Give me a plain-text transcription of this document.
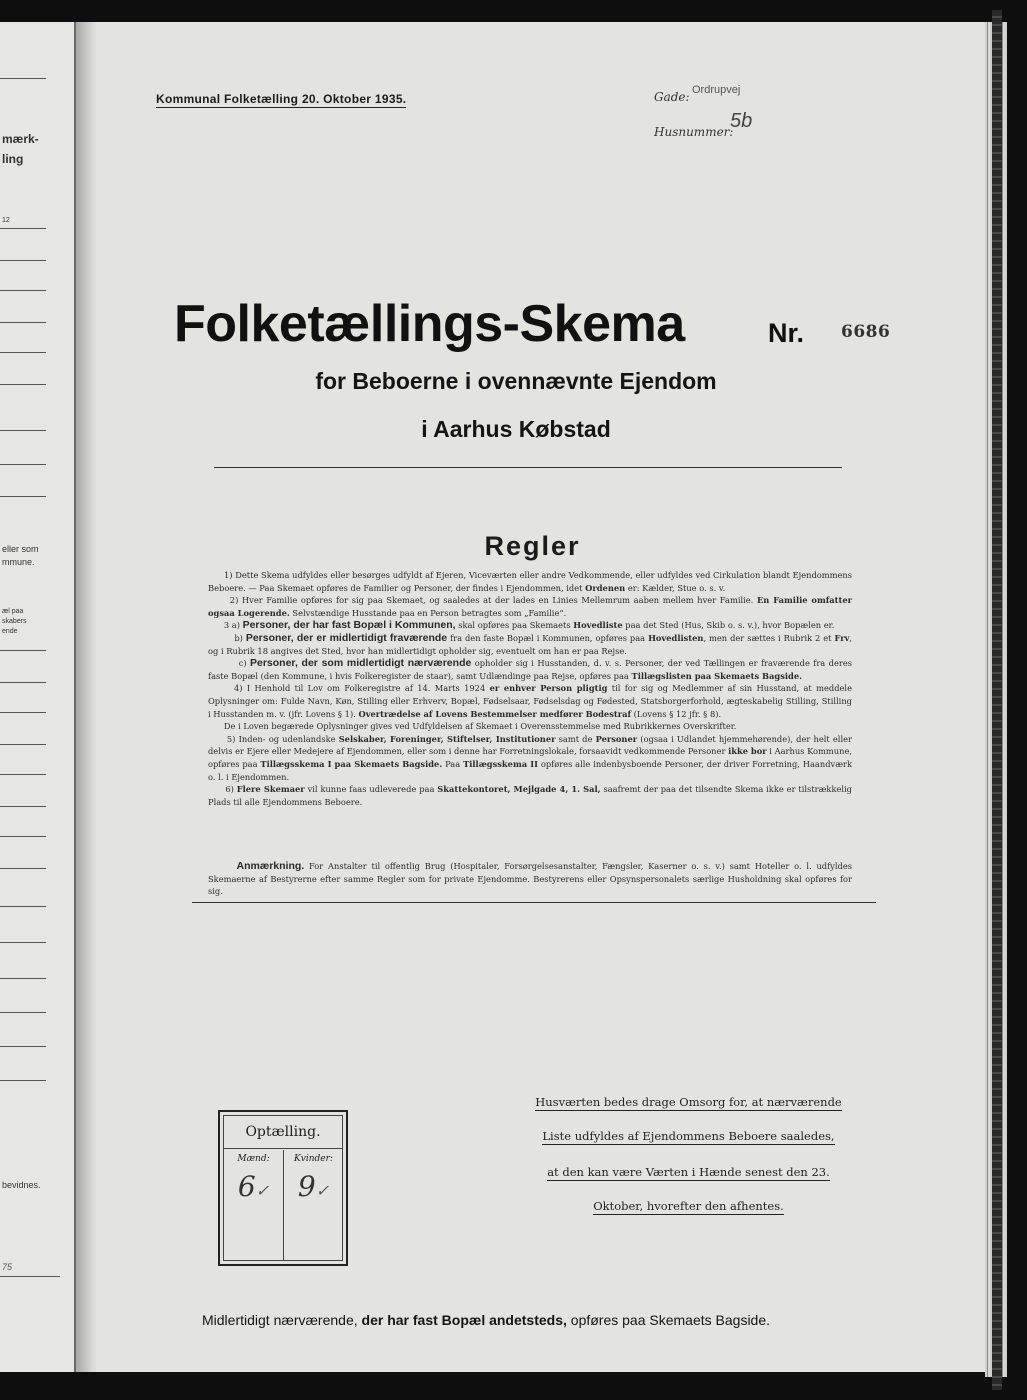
mærk-
ling
12
eller som
mmune.
æl paa
skabers
ende
bevidnes.
75
Kommunal Folketælling 20. Oktober 1935.	Gade: Ordrupvej
Husnummer:
5b
Folketællings-Skema	Nr. 6686
for Beboerne i ovennævnte Ejendom
i Aarhus Købstad
Regler

1) Dette Skema udfyldes eller besørges udfyldt af Ejeren, Viceværten eller andre Vedkommende, eller udfyldes ved Cirkulation blandt Ejendommens Beboere. — Paa Skemaet opføres de Familier og Personer, der findes i Ejendommen, idet Ordenen er: Kælder, Stue o. s. v.

2) Hver Familie opføres for sig paa Skemaet, og saaledes at der lades en Linies Mellemrum aaben mellem hver Familie. En Familie omfatter ogsaa Logerende. Selvstændige Husstande paa en Person betragtes som „Familie“.

3 a) Personer, der har fast Bopæl i Kommunen, skal opføres paa Skemaets Hovedliste paa det Sted (Hus, Skib o. s. v.), hvor Bopælen er.

b) Personer, der er midlertidigt fraværende fra den faste Bopæl i Kommunen, opføres paa Hovedlisten, men der sættes i Rubrik 2 et Frv, og i Rubrik 18 angives det Sted, hvor han midlertidigt opholder sig, eventuelt om han er paa Rejse.

c) Personer, der som midlertidigt nærværende opholder sig i Husstanden, d. v. s. Personer, der ved Tællingen er fraværende fra deres faste Bopæl (den Kommune, i hvis Folkeregister de staar), samt Udlændinge paa Rejse, opføres paa Tillægslisten paa Skemaets Bagside.

4) I Henhold til Lov om Folkeregistre af 14. Marts 1924 er enhver Person pligtig til for sig og Medlemmer af sin Husstand, at meddele Oplysninger om: Fulde Navn, Køn, Stilling eller Erhverv, Bopæl, Fødselsaar, Fødselsdag og Fødested, Statsborgerforhold, ægteskabelig Stilling, Stilling i Husstanden m. v. (jfr. Lovens § 1). Overtrædelse af Lovens Bestemmelser medfører Bodestraf (Lovens § 12 jfr. § 8).

De i Loven begærede Oplysninger gives ved Udfyldelsen af Skemaet i Overensstemmelse med Rubrikkernes Overskrifter.

5) Inden- og udenlandske Selskaber, Foreninger, Stiftelser, Institutioner samt de Personer (ogsaa i Udlandet hjemmehørende), der helt eller delvis er Ejere eller Medejere af Ejendommen, eller som i denne har Forretningslokale, forsaavidt vedkommende Personer ikke bor i Aarhus Kommune, opføres paa Tillægsskema I paa Skemaets Bagside. Paa Tillægsskema II opføres alle indenbysboende Personer, der driver Forretning, Haandværk o. l. i Ejendommen.

6) Flere Skemaer vil kunne faas udleverede paa Skattekontoret, Mejlgade 4, 1. Sal, saafremt der paa det tilsendte Skema ikke er tilstrækkelig Plads til alle Ejendommens Beboere.

Anmærkning. For Anstalter til offentlig Brug (Hospitaler, Forsørgelsesanstalter, Fængsler, Kaserner o. s. v.) samt Hoteller o. l. udfyldes Skemaerne af Bestyrerne efter samme Regler som for private Ejendomme. Bestyrerens eller Opsynspersonalets særlige Husholdning skal opføres for sig.
Optælling.
Mænd:
6✓
Kvinder:
9✓
Husværten bedes drage Omsorg for, at nærværende
Liste udfyldes af Ejendommens Beboere saaledes,
at den kan være Værten i Hænde senest den 23.
Oktober, hvorefter den afhentes.
Midlertidigt nærværende, der har fast Bopæl andetsteds, opføres paa Skemaets Bagside.
